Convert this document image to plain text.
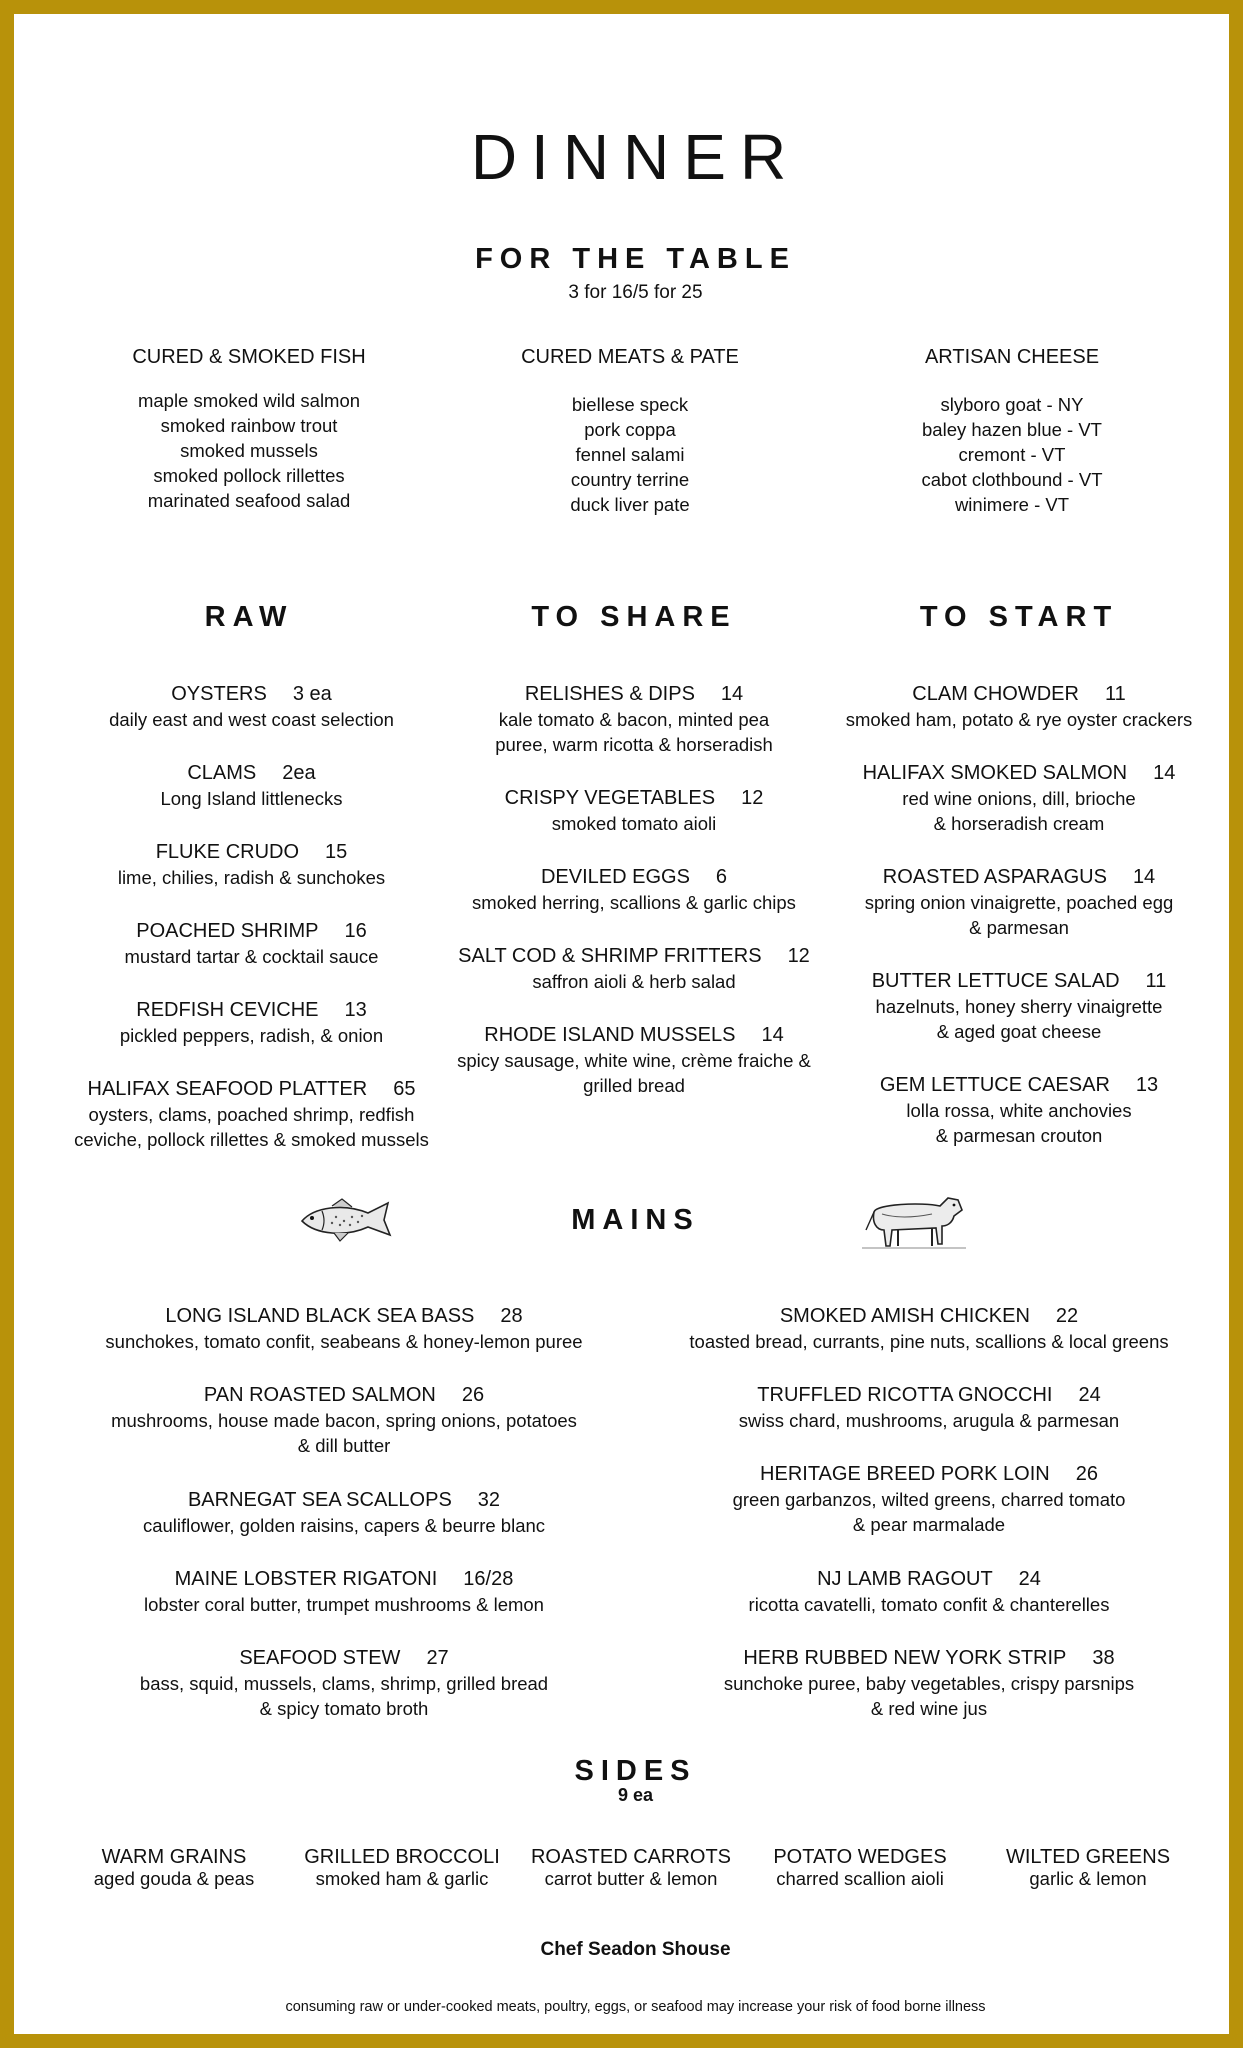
DINNER
FOR THE TABLE
3 for 16/5 for 25
CURED & SMOKED FISH
maple smoked wild salmon
smoked rainbow trout
smoked mussels
smoked pollock rillettes
marinated seafood salad
CURED MEATS & PATE
biellese speck
pork coppa
fennel salami
country terrine
duck liver pate
ARTISAN CHEESE
slyboro goat - NY
baley hazen blue - VT
cremont - VT
cabot clothbound - VT
winimere - VT
RAW	TO SHARE	TO START
OYSTERS 3 ea
daily east and west coast selection
CLAMS 2ea
Long Island littlenecks
FLUKE CRUDO 15
lime, chilies, radish & sunchokes
POACHED SHRIMP 16
mustard tartar & cocktail sauce
REDFISH CEVICHE 13
pickled peppers, radish, & onion
HALIFAX SEAFOOD PLATTER 65
oysters, clams, poached shrimp, redfish
ceviche, pollock rillettes & smoked mussels
RELISHES & DIPS 14
kale tomato & bacon, minted pea
puree, warm ricotta & horseradish
CRISPY VEGETABLES 12
smoked tomato aioli
DEVILED EGGS 6
smoked herring, scallions & garlic chips
SALT COD & SHRIMP FRITTERS 12
saffron aioli & herb salad
RHODE ISLAND MUSSELS 14
spicy sausage, white wine, crème fraiche &
grilled bread
CLAM CHOWDER 11
smoked ham, potato & rye oyster crackers
HALIFAX SMOKED SALMON 14
red wine onions, dill, brioche
& horseradish cream
ROASTED ASPARAGUS 14
spring onion vinaigrette, poached egg
& parmesan
BUTTER LETTUCE SALAD 11
hazelnuts, honey sherry vinaigrette
& aged goat cheese
GEM LETTUCE CAESAR 13
lolla rossa, white anchovies
& parmesan crouton
MAINS
LONG ISLAND BLACK SEA BASS 28
sunchokes, tomato confit, seabeans & honey-lemon puree
PAN ROASTED SALMON 26
mushrooms, house made bacon, spring onions, potatoes
& dill butter
BARNEGAT SEA SCALLOPS 32
cauliflower, golden raisins, capers & beurre blanc
MAINE LOBSTER RIGATONI 16/28
lobster coral butter, trumpet mushrooms & lemon
SEAFOOD STEW 27
bass, squid, mussels, clams, shrimp, grilled bread
& spicy tomato broth
SMOKED AMISH CHICKEN 22
toasted bread, currants, pine nuts, scallions & local greens
TRUFFLED RICOTTA GNOCCHI 24
swiss chard, mushrooms, arugula & parmesan
HERITAGE BREED PORK LOIN 26
green garbanzos, wilted greens, charred tomato
& pear marmalade
NJ LAMB RAGOUT 24
ricotta cavatelli, tomato confit & chanterelles
HERB RUBBED NEW YORK STRIP 38
sunchoke puree, baby vegetables, crispy parsnips
& red wine jus
SIDES
9 ea
WARM GRAINS
aged gouda & peas
GRILLED BROCCOLI
smoked ham & garlic
ROASTED CARROTS
carrot butter & lemon
POTATO WEDGES
charred scallion aioli
WILTED GREENS
garlic & lemon
Chef Seadon Shouse
consuming raw or under-cooked meats, poultry, eggs, or seafood may increase your risk of food borne illness
